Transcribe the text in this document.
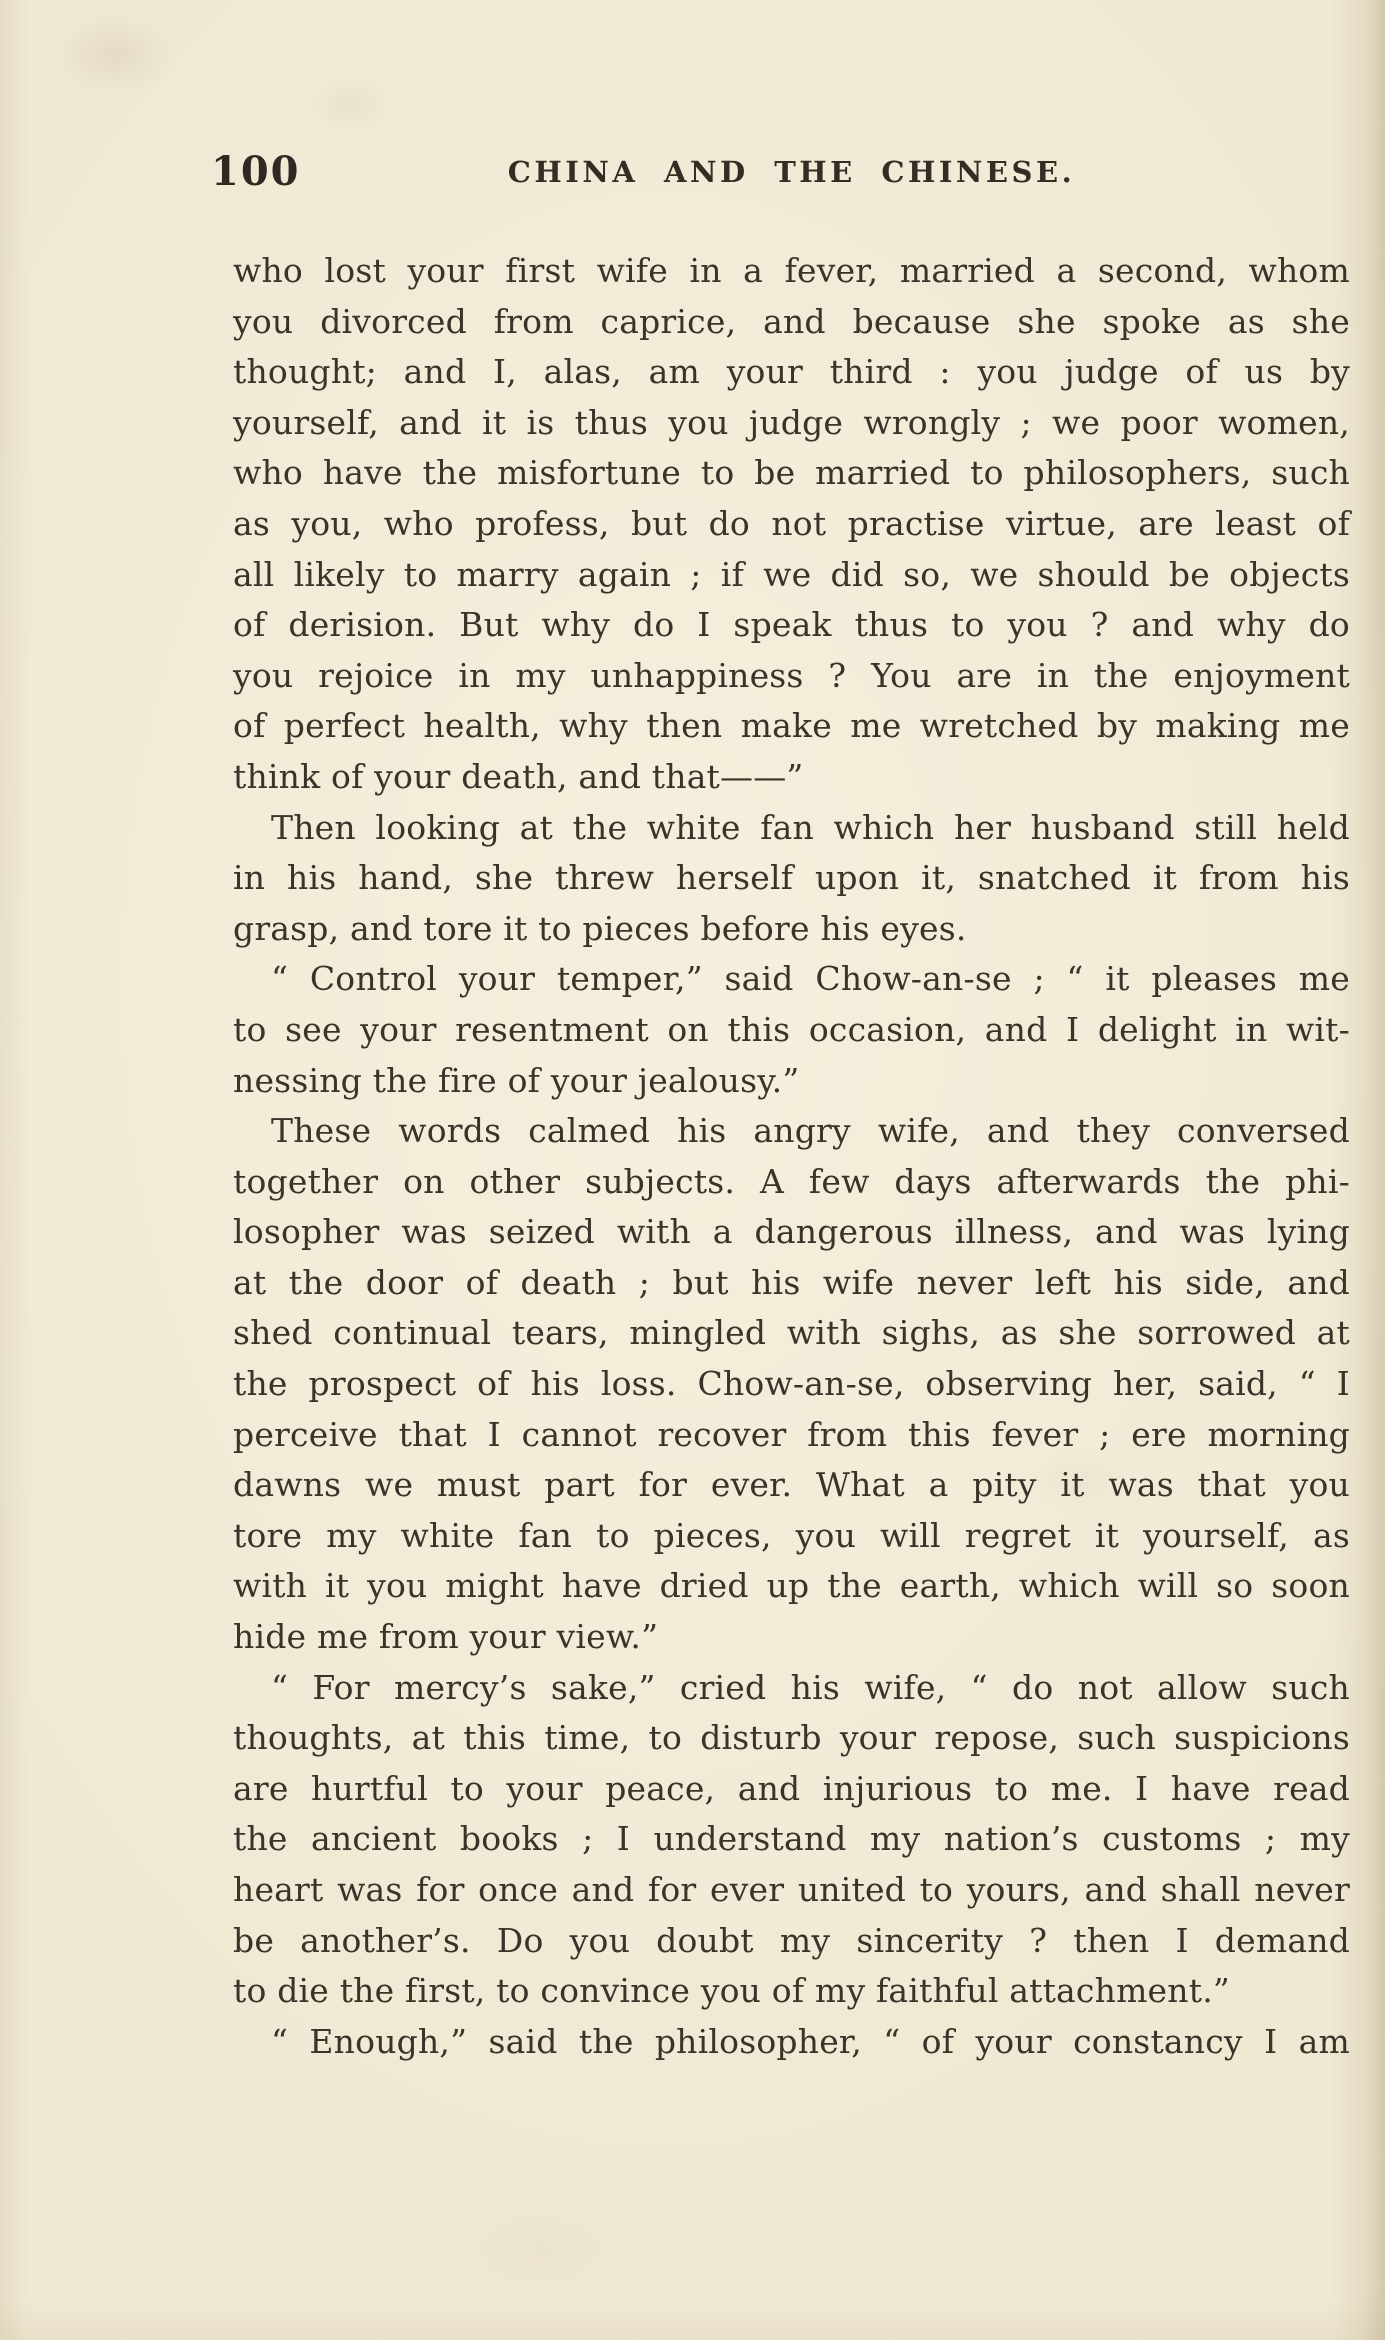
100	CHINA AND THE CHINESE.
who lost your first wife in a fever, married a second, whom
you divorced from caprice, and because she spoke as she
thought; and I, alas, am your third : you judge of us by
yourself, and it is thus you judge wrongly ; we poor women,
who have the misfortune to be married to philosophers, such
as you, who profess, but do not practise virtue, are least of
all likely to marry again ; if we did so, we should be objects
of derision. But why do I speak thus to you ? and why do
you rejoice in my unhappiness ? You are in the enjoyment
of perfect health, why then make me wretched by making me
think of your death, and that——”
Then looking at the white fan which her husband still held
in his hand, she threw herself upon it, snatched it from his
grasp, and tore it to pieces before his eyes.
“ Control your temper,” said Chow-an-se ; “ it pleases me
to see your resentment on this occasion, and I delight in wit-
nessing the fire of your jealousy.”
These words calmed his angry wife, and they conversed
together on other subjects. A few days afterwards the phi-
losopher was seized with a dangerous illness, and was lying
at the door of death ; but his wife never left his side, and
shed continual tears, mingled with sighs, as she sorrowed at
the prospect of his loss. Chow-an-se, observing her, said, “ I
perceive that I cannot recover from this fever ; ere morning
dawns we must part for ever. What a pity it was that you
tore my white fan to pieces, you will regret it yourself, as
with it you might have dried up the earth, which will so soon
hide me from your view.”
“ For mercy’s sake,” cried his wife, “ do not allow such
thoughts, at this time, to disturb your repose, such suspicions
are hurtful to your peace, and injurious to me. I have read
the ancient books ; I understand my nation’s customs ; my
heart was for once and for ever united to yours, and shall never
be another’s. Do you doubt my sincerity ? then I demand
to die the first, to convince you of my faithful attachment.”
“ Enough,” said the philosopher, “ of your constancy I am
